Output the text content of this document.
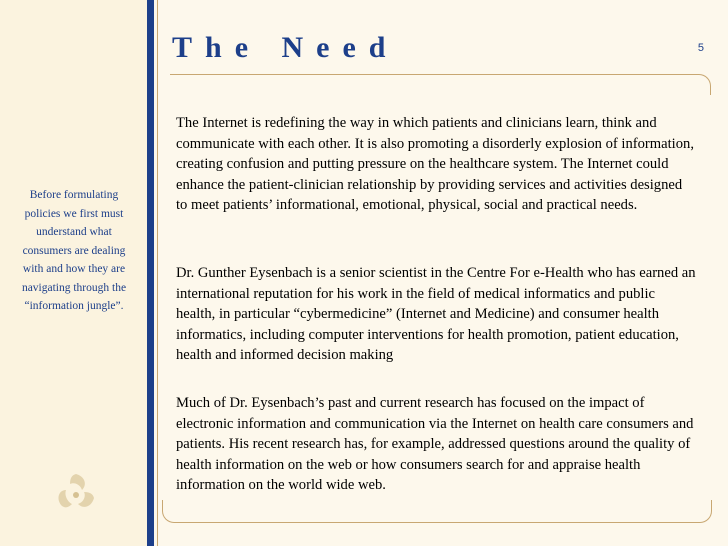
The Need	5
Before formulating policies we first must understand what consumers are dealing with and how they are navigating through the “information jungle”.

The Internet is redefining the way in which patients and clinicians learn, think and communicate with each other. It is also promoting a disorderly explosion of information, creating confusion and putting pressure on the healthcare system. The Internet could enhance the patient-clinician relationship by providing services and activities designed to meet patients’ informational, emotional, physical, social and practical needs.

Dr. Gunther Eysenbach is a senior scientist in the Centre For e-Health who has earned an international reputation for his work in the field of medical informatics and public health, in particular “cybermedicine” (Internet and Medicine) and consumer health informatics, including computer interventions for health promotion, patient education, health and informed decision making

Much of Dr. Eysenbach’s past and current research has focused on the impact of electronic information and communication via the Internet on health care consumers and patients. His recent research has, for example, addressed questions around the quality of health information on the web or how consumers search for and appraise health information on the world wide web.
